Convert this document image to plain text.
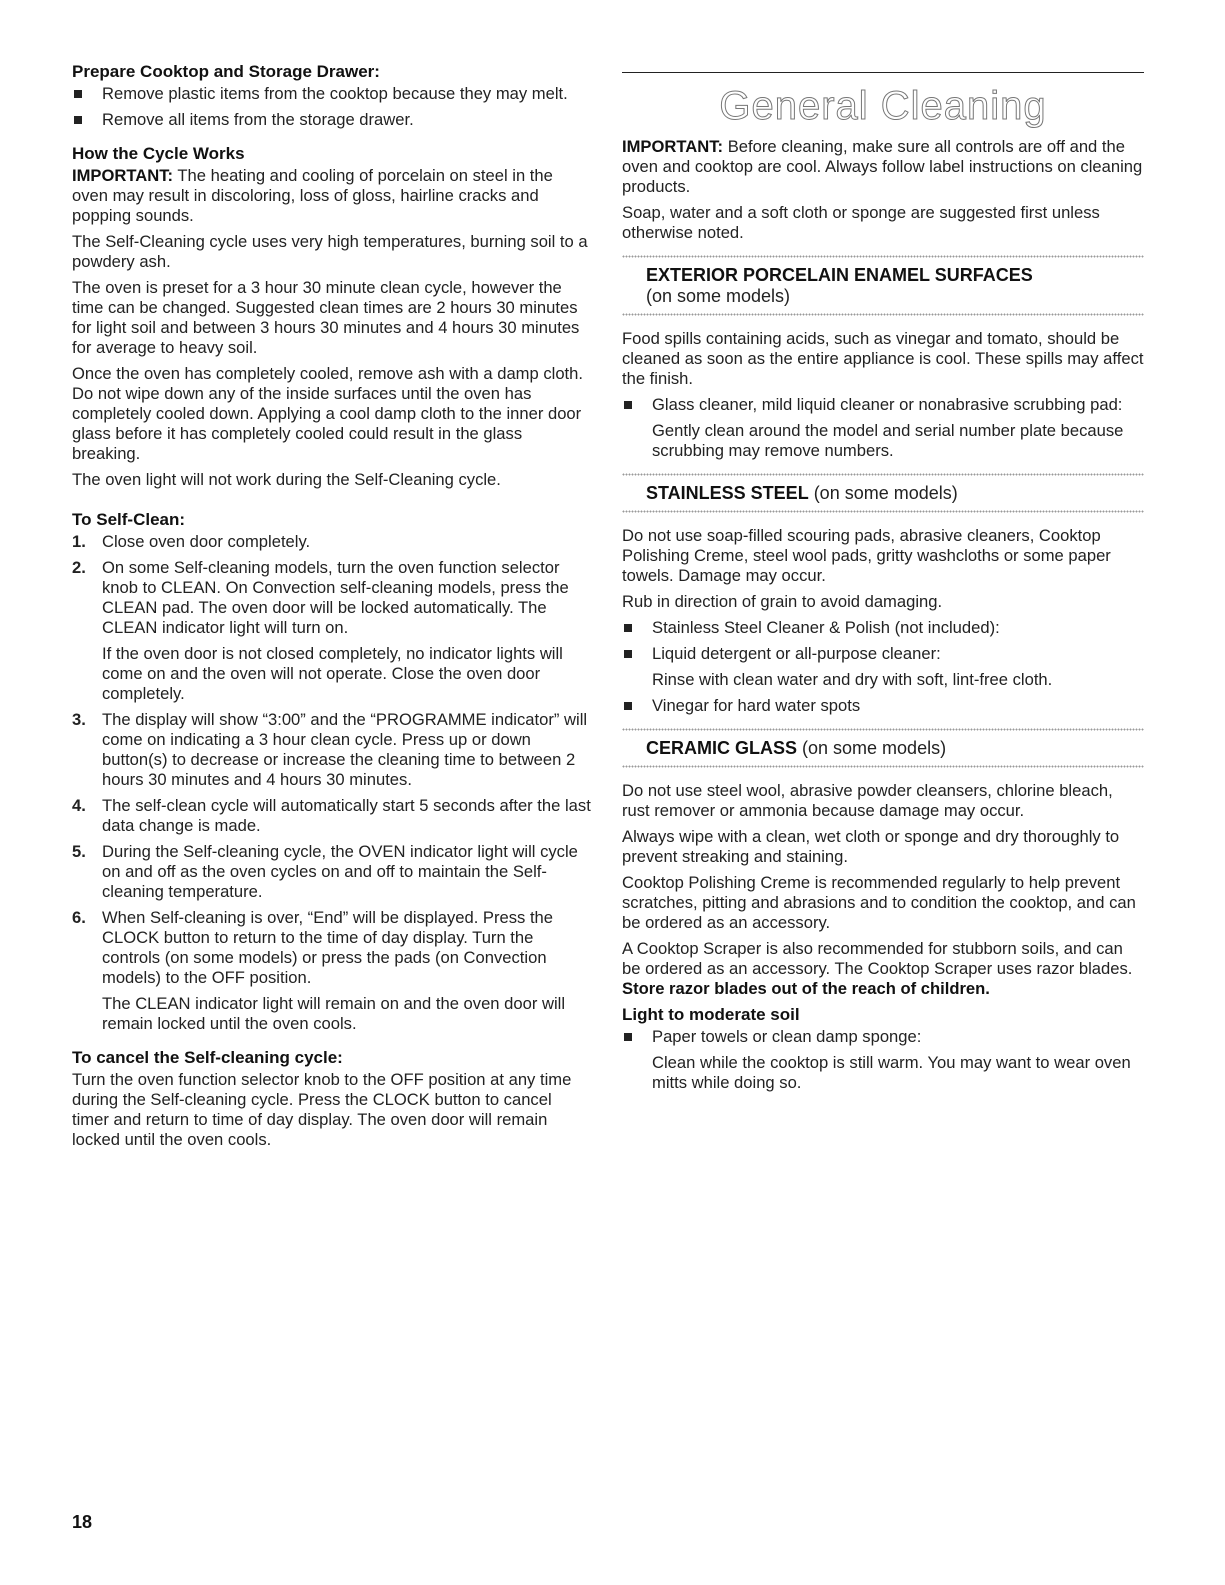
Prepare Cooktop and Storage Drawer:
Remove plastic items from the cooktop because they may melt.
Remove all items from the storage drawer.
How the Cycle Works

IMPORTANT: The heating and cooling of porcelain on steel in the oven may result in discoloring, loss of gloss, hairline cracks and popping sounds.

The Self-Cleaning cycle uses very high temperatures, burning soil to a powdery ash.

The oven is preset for a 3 hour 30 minute clean cycle, however the time can be changed. Suggested clean times are 2 hours 30 minutes for light soil and between 3 hours 30 minutes and 4 hours 30 minutes for average to heavy soil.

Once the oven has completely cooled, remove ash with a damp cloth. Do not wipe down any of the inside surfaces until the oven has completely cooled down. Applying a cool damp cloth to the inner door glass before it has completely cooled could result in the glass breaking.

The oven light will not work during the Self-Cleaning cycle.

To Self-Clean:
1. Close oven door completely.
2. On some Self-cleaning models, turn the oven function selector knob to CLEAN. On Convection self-cleaning models, press the CLEAN pad. The oven door will be locked automatically. The CLEAN indicator light will turn on.
If the oven door is not closed completely, no indicator lights will come on and the oven will not operate. Close the oven door completely.
3. The display will show “3:00” and the “PROGRAMME indicator” will come on indicating a 3 hour clean cycle. Press up or down button(s) to decrease or increase the cleaning time to between 2 hours 30 minutes and 4 hours 30 minutes.
4. The self-clean cycle will automatically start 5 seconds after the last data change is made.
5. During the Self-cleaning cycle, the OVEN indicator light will cycle on and off as the oven cycles on and off to maintain the Self-cleaning temperature.
6. When Self-cleaning is over, “End” will be displayed. Press the CLOCK button to return to the time of day display. Turn the controls (on some models) or press the pads (on Convection models) to the OFF position.
The CLEAN indicator light will remain on and the oven door will remain locked until the oven cools.
To cancel the Self-cleaning cycle:

Turn the oven function selector knob to the OFF position at any time during the Self-cleaning cycle. Press the CLOCK button to cancel timer and return to time of day display. The oven door will remain locked until the oven cools.

General Cleaning

IMPORTANT: Before cleaning, make sure all controls are off and the oven and cooktop are cool. Always follow label instructions on cleaning products.

Soap, water and a soft cloth or sponge are suggested first unless otherwise noted.

EXTERIOR PORCELAIN ENAMEL SURFACES
(on some models)

Food spills containing acids, such as vinegar and tomato, should be cleaned as soon as the entire appliance is cool. These spills may affect the finish.

Glass cleaner, mild liquid cleaner or nonabrasive scrubbing pad:
Gently clean around the model and serial number plate because scrubbing may remove numbers.
STAINLESS STEEL (on some models)

Do not use soap-filled scouring pads, abrasive cleaners, Cooktop Polishing Creme, steel wool pads, gritty washcloths or some paper towels. Damage may occur.

Rub in direction of grain to avoid damaging.

Stainless Steel Cleaner & Polish (not included):
Liquid detergent or all-purpose cleaner:
Rinse with clean water and dry with soft, lint-free cloth.
Vinegar for hard water spots
CERAMIC GLASS (on some models)

Do not use steel wool, abrasive powder cleansers, chlorine bleach, rust remover or ammonia because damage may occur.

Always wipe with a clean, wet cloth or sponge and dry thoroughly to prevent streaking and staining.

Cooktop Polishing Creme is recommended regularly to help prevent scratches, pitting and abrasions and to condition the cooktop, and can be ordered as an accessory.

A Cooktop Scraper is also recommended for stubborn soils, and can be ordered as an accessory. The Cooktop Scraper uses razor blades. Store razor blades out of the reach of children.

Light to moderate soil
Paper towels or clean damp sponge:
Clean while the cooktop is still warm. You may want to wear oven mitts while doing so.
18
